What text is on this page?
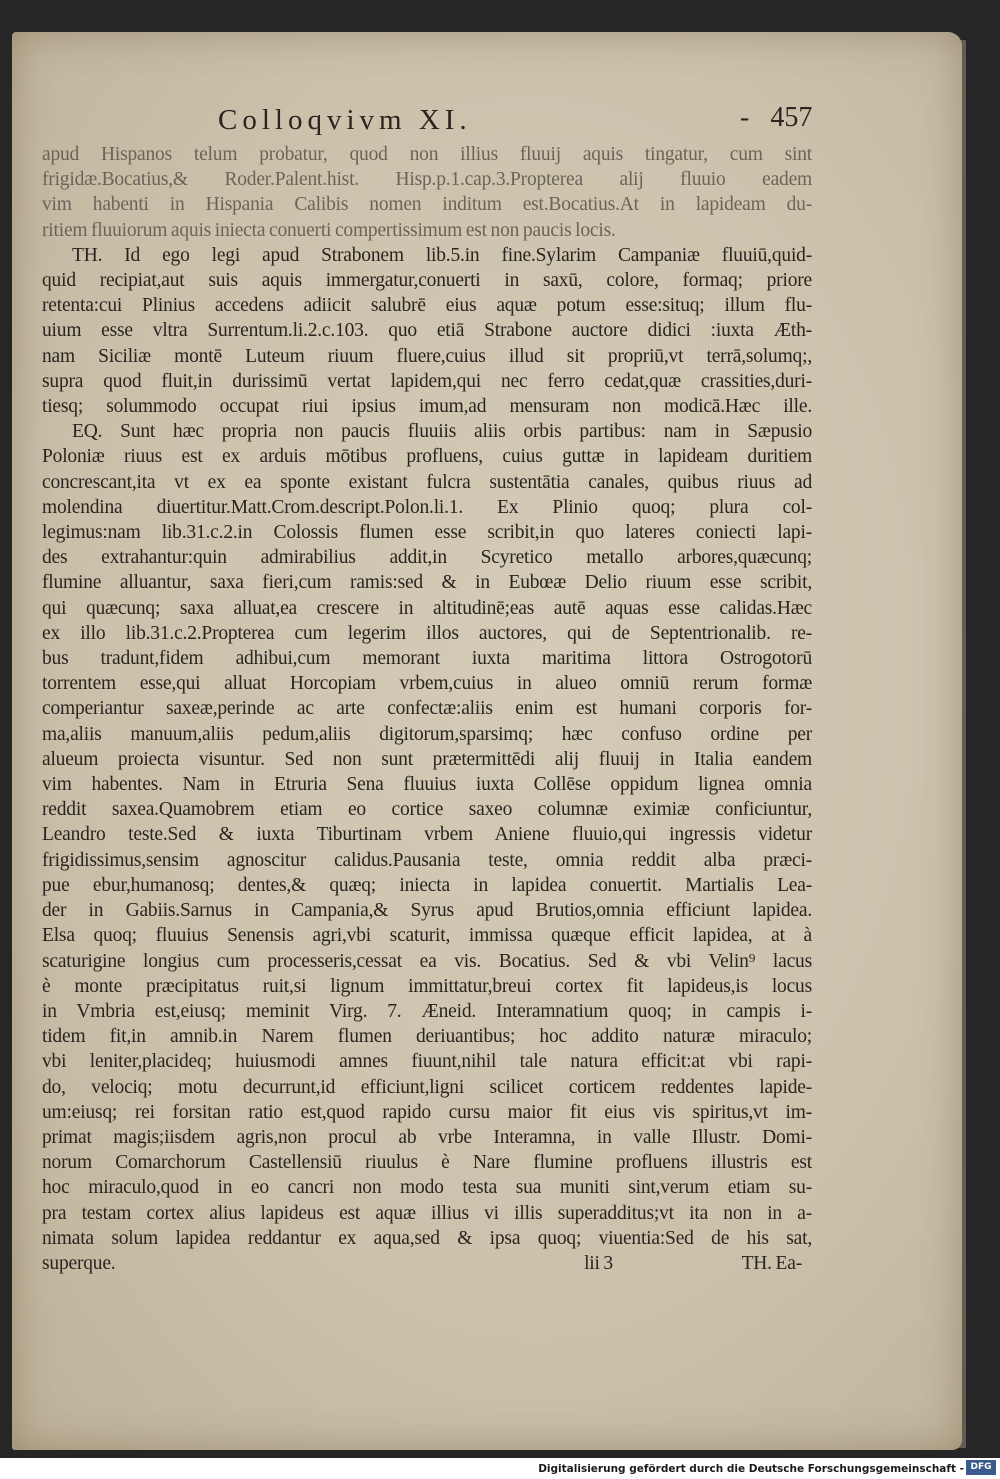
Colloqvivm XI.	- 457
apud Hispanos telum probatur, quod non illius fluuij aquis tingatur, cum sint
frigidæ.Bocatius,& Roder.Palent.hist. Hisp.p.1.cap.3.Propterea alij fluuio eadem
vim habenti in Hispania Calibis nomen inditum est.Bocatius.At in lapideam du-
ritiem fluuiorum aquis iniecta conuerti compertissimum est non paucis locis.
TH. Id ego legi apud Strabonem lib.5.in fine.Sylarim Campaniæ fluuiū,quid-
quid recipiat,aut suis aquis immergatur,conuerti in saxū, colore, formaq; priore
retenta:cui Plinius accedens adiicit salubrē eius aquæ potum esse:situq; illum flu-
uium esse vltra Surrentum.li.2.c.103. quo etiā Strabone auctore didici :iuxta Æth-
nam Siciliæ montē Luteum riuum fluere,cuius illud sit propriū,vt terrā,solumq;,
supra quod fluit,in durissimū vertat lapidem,qui nec ferro cedat,quæ crassities,duri-
tiesq; solummodo occupat riui ipsius imum,ad mensuram non modicā.Hæc ille.
EQ. Sunt hæc propria non paucis fluuiis aliis orbis partibus: nam in Sæpusio
Poloniæ riuus est ex arduis mōtibus profluens, cuius guttæ in lapideam duritiem
concrescant,ita vt ex ea sponte existant fulcra sustentātia canales, quibus riuus ad
molendina diuertitur.Matt.Crom.descript.Polon.li.1. Ex Plinio quoq; plura col-
legimus:nam lib.31.c.2.in Colossis flumen esse scribit,in quo lateres coniecti lapi-
des extrahantur:quin admirabilius addit,in Scyretico metallo arbores,quæcunq;
flumine alluantur, saxa fieri,cum ramis:sed & in Eubœæ Delio riuum esse scribit,
qui quæcunq; saxa alluat,ea crescere in altitudinē;eas autē aquas esse calidas.Hæc
ex illo lib.31.c.2.Propterea cum legerim illos auctores, qui de Septentrionalib. re-
bus tradunt,fidem adhibui,cum memorant iuxta maritima littora Ostrogotorū
torrentem esse,qui alluat Horcopiam vrbem,cuius in alueo omniū rerum formæ
comperiantur saxeæ,perinde ac arte confectæ:aliis enim est humani corporis for-
ma,aliis manuum,aliis pedum,aliis digitorum,sparsimq; hæc confuso ordine per
alueum proiecta visuntur. Sed non sunt prætermittēdi alij fluuij in Italia eandem
vim habentes. Nam in Etruria Sena fluuius iuxta Collēse oppidum lignea omnia
reddit saxea.Quamobrem etiam eo cortice saxeo columnæ eximiæ conficiuntur,
Leandro teste.Sed & iuxta Tiburtinam vrbem Aniene fluuio,qui ingressis videtur
frigidissimus,sensim agnoscitur calidus.Pausania teste, omnia reddit alba præci-
pue ebur,humanosq; dentes,& quæq; iniecta in lapidea conuertit. Martialis Lea-
der in Gabiis.Sarnus in Campania,& Syrus apud Brutios,omnia efficiunt lapidea.
Elsa quoq; fluuius Senensis agri,vbi scaturit, immissa quæque efficit lapidea, at à
scaturigine longius cum processeris,cessat ea vis. Bocatius. Sed & vbi Velin⁹ lacus
è monte præcipitatus ruit,si lignum immittatur,breui cortex fit lapideus,is locus
in Vmbria est,eiusq; meminit Virg. 7. Æneid. Interamnatium quoq; in campis i-
tidem fit,in amnib.in Narem flumen deriuantibus; hoc addito naturæ miraculo;
vbi leniter,placideq; huiusmodi amnes fiuunt,nihil tale natura efficit:at vbi rapi-
do, velociq; motu decurrunt,id efficiunt,ligni scilicet corticem reddentes lapide-
um:eiusq; rei forsitan ratio est,quod rapido cursu maior fit eius vis spiritus,vt im-
primat magis;iisdem agris,non procul ab vrbe Interamna, in valle Illustr. Domi-
norum Comarchorum Castellensiū riuulus è Nare flumine profluens illustris est
hoc miraculo,quod in eo cancri non modo testa sua muniti sint,verum etiam su-
pra testam cortex alius lapideus est aquæ illius vi illis superadditus;vt ita non in a-
nimata solum lapidea reddantur ex aqua,sed & ipsa quoq; viuentia:Sed de his sat,
superque.	lii 3	TH. Ea-
Digitalisierung gefördert durch die Deutsche Forschungsgemeinschaft - DFG
